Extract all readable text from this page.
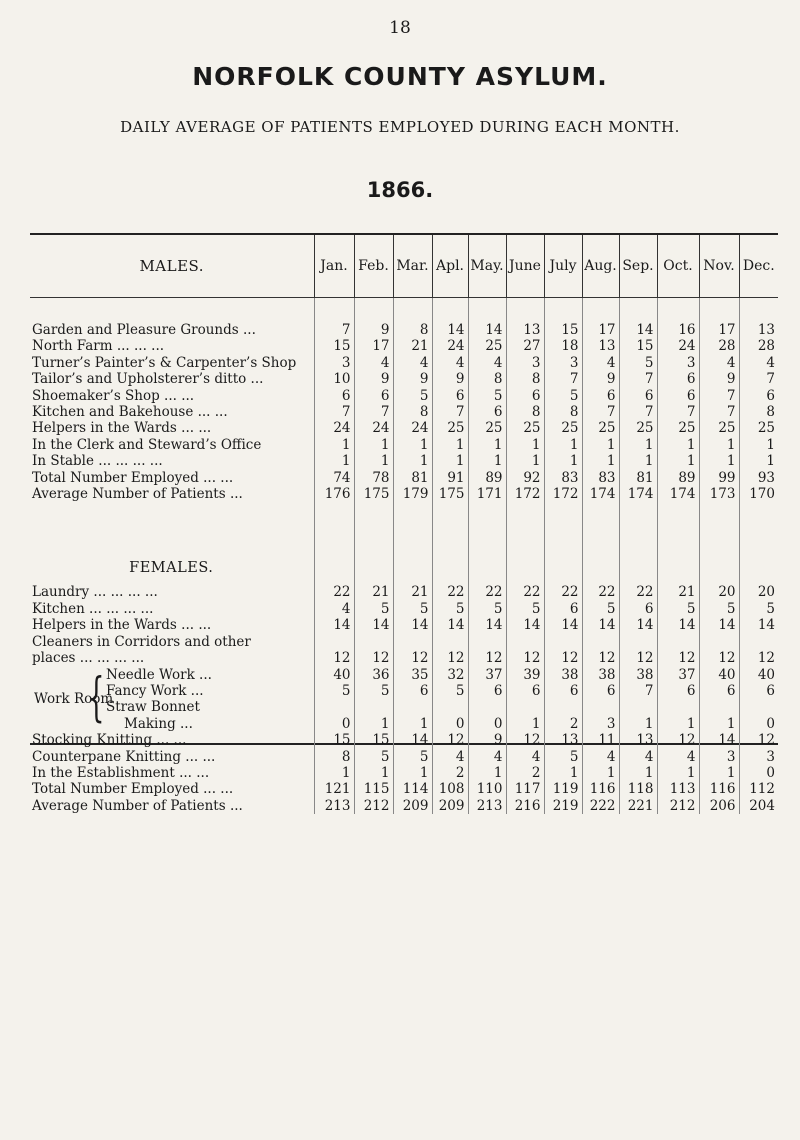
18
NORFOLK COUNTY ASYLUM.
DAILY AVERAGE OF PATIENTS EMPLOYED DURING EACH MONTH.
1866.
MALES.	Jan.	Feb.	Mar.	Apl.	May.	June	July	Aug.	Sep.	Oct.	Nov.	Dec.

Garden and Pleasure Grounds ...	7	9	8	14	14	13	15	17	14	16	17	13
North Farm ... ... ...	15	17	21	24	25	27	18	13	15	24	28	28
Turner’s Painter’s & Carpenter’s Shop	3	4	4	4	4	3	3	4	5	3	4	4
Tailor’s and Upholsterer’s ditto ...	10	9	9	9	8	8	7	9	7	6	9	7
Shoemaker’s Shop ... ...	6	6	5	6	5	6	5	6	6	6	7	6
Kitchen and Bakehouse ... ...	7	7	8	7	6	8	8	7	7	7	7	8
Helpers in the Wards ... ...	24	24	24	25	25	25	25	25	25	25	25	25
In the Clerk and Steward’s Office	1	1	1	1	1	1	1	1	1	1	1	1
In Stable ... ... ... ...	1	1	1	1	1	1	1	1	1	1	1	1
Total Number Employed ... ...	74	78	81	91	89	92	83	83	81	89	99	93
Average Number of Patients ...	176	175	179	175	171	172	172	174	174	174	173	170
FEMALES.												
Laundry ... ... ... ...	22	21	21	22	22	22	22	22	22	21	20	20
Kitchen ... ... ... ...	4	5	5	5	5	5	6	5	6	5	5	5
Helpers in the Wards ... ...	14	14	14	14	14	14	14	14	14	14	14	14
Cleaners in Corridors and other												
places ... ... ... ...	12	12	12	12	12	12	12	12	12	12	12	12

Work Room
{ Needle Work ...	40	36	35	32	37	39	38	38	38	37	40	40

Fancy Work ...	5	5	6	5	6	6	6	6	7	6	6	6

Straw Bonnet												

Making ...	0	1	1	0	0	1	2	3	1	1	1	0
Stocking Knitting ... ...	15	15	14	12	9	12	13	11	13	12	14	12
Counterpane Knitting ... ...	8	5	5	4	4	4	5	4	4	4	3	3
In the Establishment ... ...	1	1	1	2	1	2	1	1	1	1	1	0
Total Number Employed ... ...	121	115	114	108	110	117	119	116	118	113	116	112
Average Number of Patients ...	213	212	209	209	213	216	219	222	221	212	206	204
